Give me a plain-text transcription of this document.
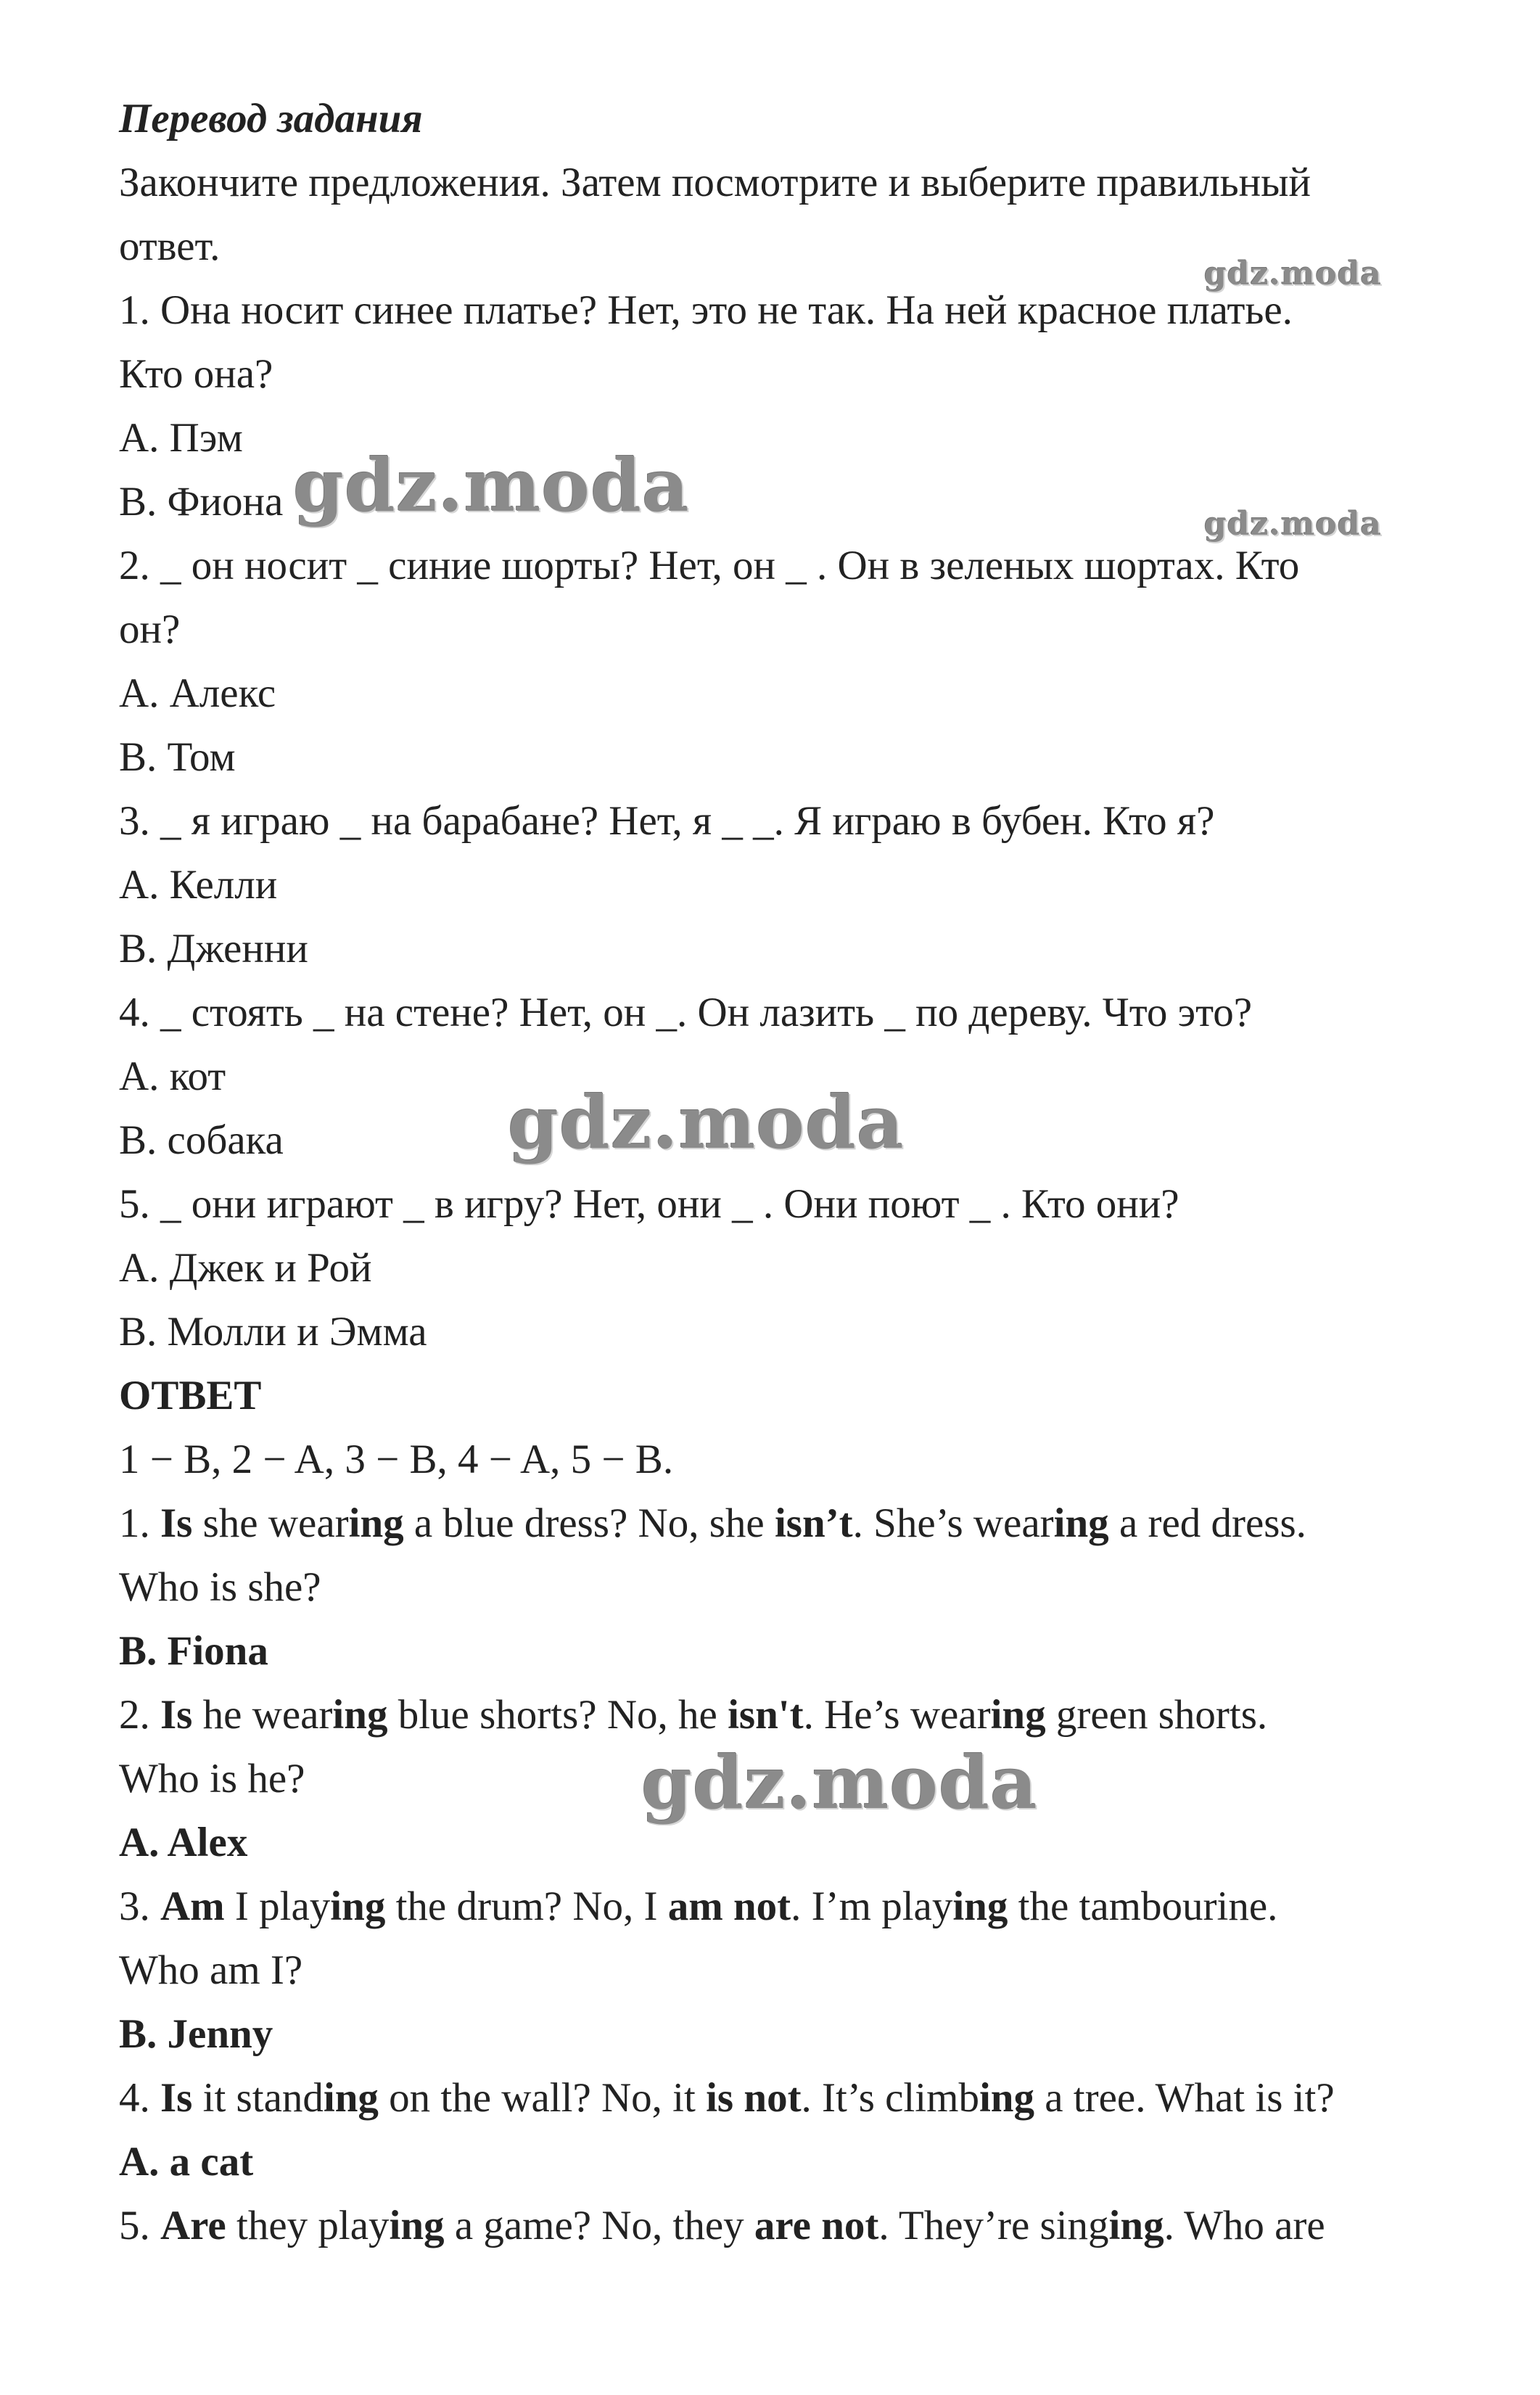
Перевод задания
Закончите предложения. Затем посмотрите и выберите правильный
ответ.
1. Она носит синее платье? Нет, это не так. На ней красное платье.
Кто она?
A. Пэм
B. Фиона
2. _ он носит _ синие шорты? Нет, он _ . Он в зеленых шортах. Кто
он?
A. Алекс
B. Том
3. _ я играю _ на барабане? Нет, я _ _. Я играю в бубен. Кто я?
A. Келли
B. Дженни
4. _ стоять _ на стене? Нет, он _. Он лазить _ по дереву. Что это?
A. кот
B. собака
5. _ они играют _ в игру? Нет, они _ . Они поют _ . Кто они?
A. Джек и Рой
B. Молли и Эмма
ОТВЕТ
1 − B, 2 − A, 3 − B, 4 − A, 5 − B.
1. Is she wearing a blue dress? No, she isn’t. She’s wearing a red dress.
Who is she?
B. Fiona
2. Is he wearing blue shorts? No, he isn't. He’s wearing green shorts.
Who is he?
A. Alex
3. Am I playing the drum? No, I am not. I’m playing the tambourine.
Who am I?
B. Jenny
4. Is it standing on the wall? No, it is not. It’s climbing a tree. What is it?
A. a cat
5. Are they playing a game? No, they are not. They’re singing. Who are
gdz.moda
gdz.moda	gdz.moda
gdz.moda
gdz.moda
